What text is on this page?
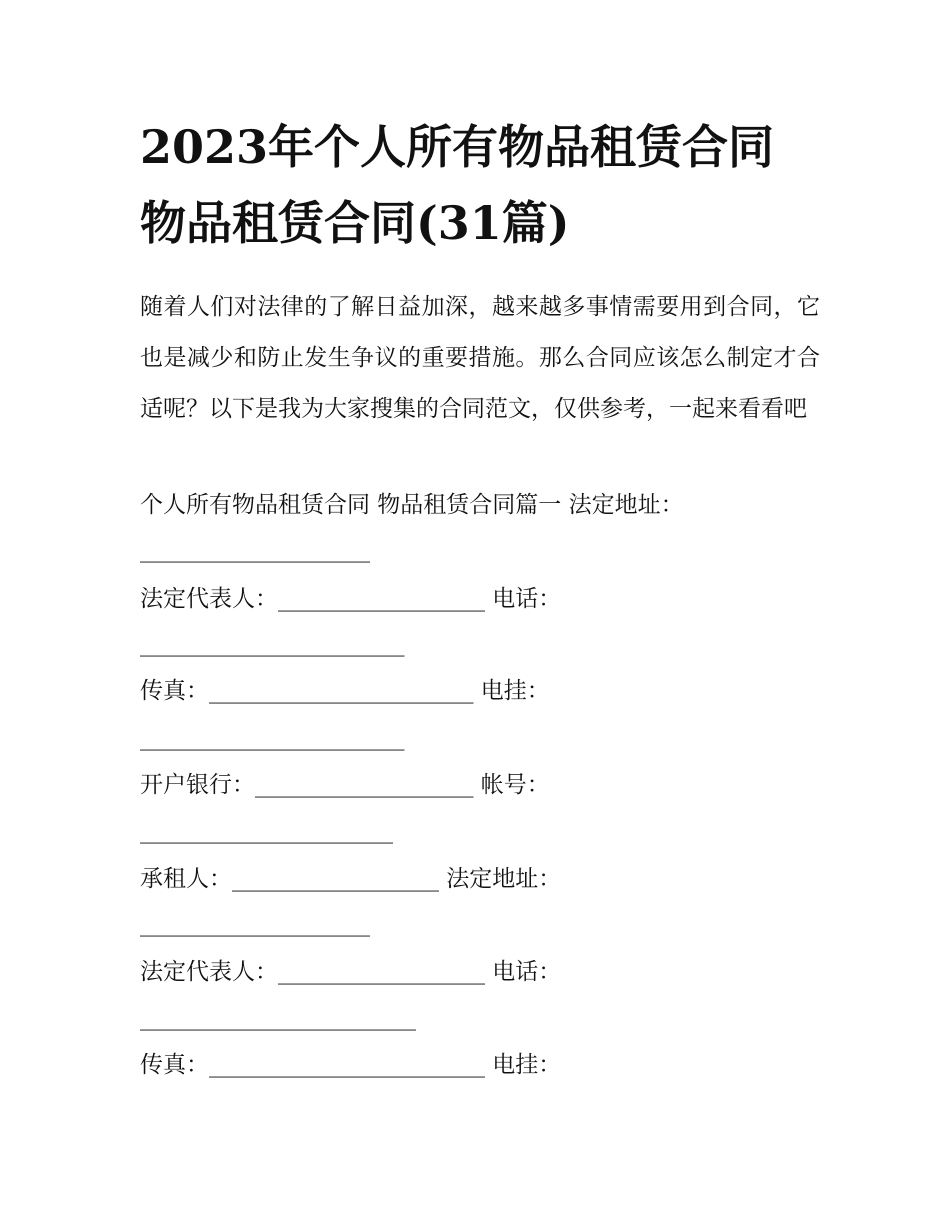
2023年个人所有物品租赁合同
物品租赁合同(31篇)

随着人们对法律的了解日益加深，越来越多事情需要用到合同，它也是减少和防止发生争议的重要措施。那么合同应该怎么制定才合适呢？以下是我为大家搜集的合同范文，仅供参考，一起来看看吧

个人所有物品租赁合同 物品租赁合同篇一 法定地址：

____________________

法定代表人：__________________ 电话：

_______________________

传真：_______________________ 电挂：

_______________________

开户银行：___________________ 帐号：

______________________

承租人：__________________ 法定地址：

____________________

法定代表人：__________________ 电话：

________________________

传真：________________________ 电挂：
